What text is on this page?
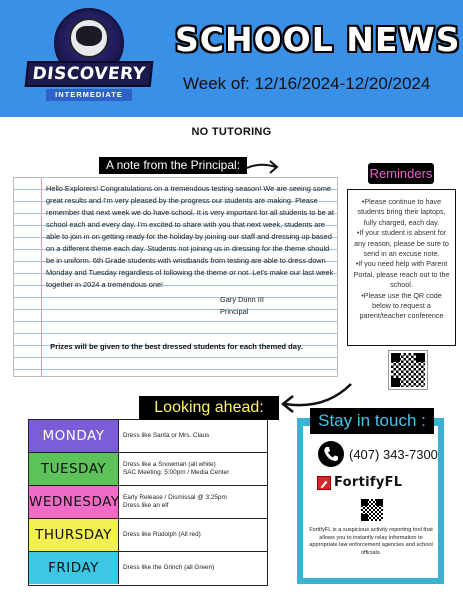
DISCOVERY
INTERMEDIATE
SCHOOL NEWS
Week of: 12/16/2024-12/20/2024
NO TUTORING
A note from the Principal:
Hello Explorers! Congratulations on a tremendous testing season! We are seeing some great results and I'm very pleased by the progress our students are making. Please remember that next week we do have school. It is very important for all students to be at school each and every day. I'm excited to share with you that next week, students are able to join in on getting ready for the holiday by joining our staff and dressing up based on a different theme each day. Students not joining us in dressing for the theme should be in uniform. 6th Grade students with wristbands from testing are able to dress down Monday and Tuesday regardless of following the theme or not. Let's make our last week together in 2024 a tremendous one!
Gary Dunn III
Principal
Prizes will be given to the best dressed students for each themed day.
Reminders
•Please continue to have students bring their laptops, fully charged, each day.
•If your student is absent for any reason, please be sure to send in an excuse note.
•If you need help with Parent Portal, please reach out to the school.
•Please use the QR code below to request a parent/teacher conference
MONDAY	Dress like Santa or Mrs. Claus
TUESDAY	Dress like a Snowman (all white)
SAC Meeting: 5:00pm / Media Center
WEDNESDAY Early Release / Dismissal @ 3:25pm
Dress like an elf
THURSDAY	Dress like Rudolph (All red)
FRIDAY	Dress like the Grinch (all Green)
Looking ahead:
Stay in touch :
(407) 343-7300
FortifyFL
FortifyFL is a suspicious activity reporting tool that allows you to instantly relay information to appropriate law enforcement agencies and school officials.
